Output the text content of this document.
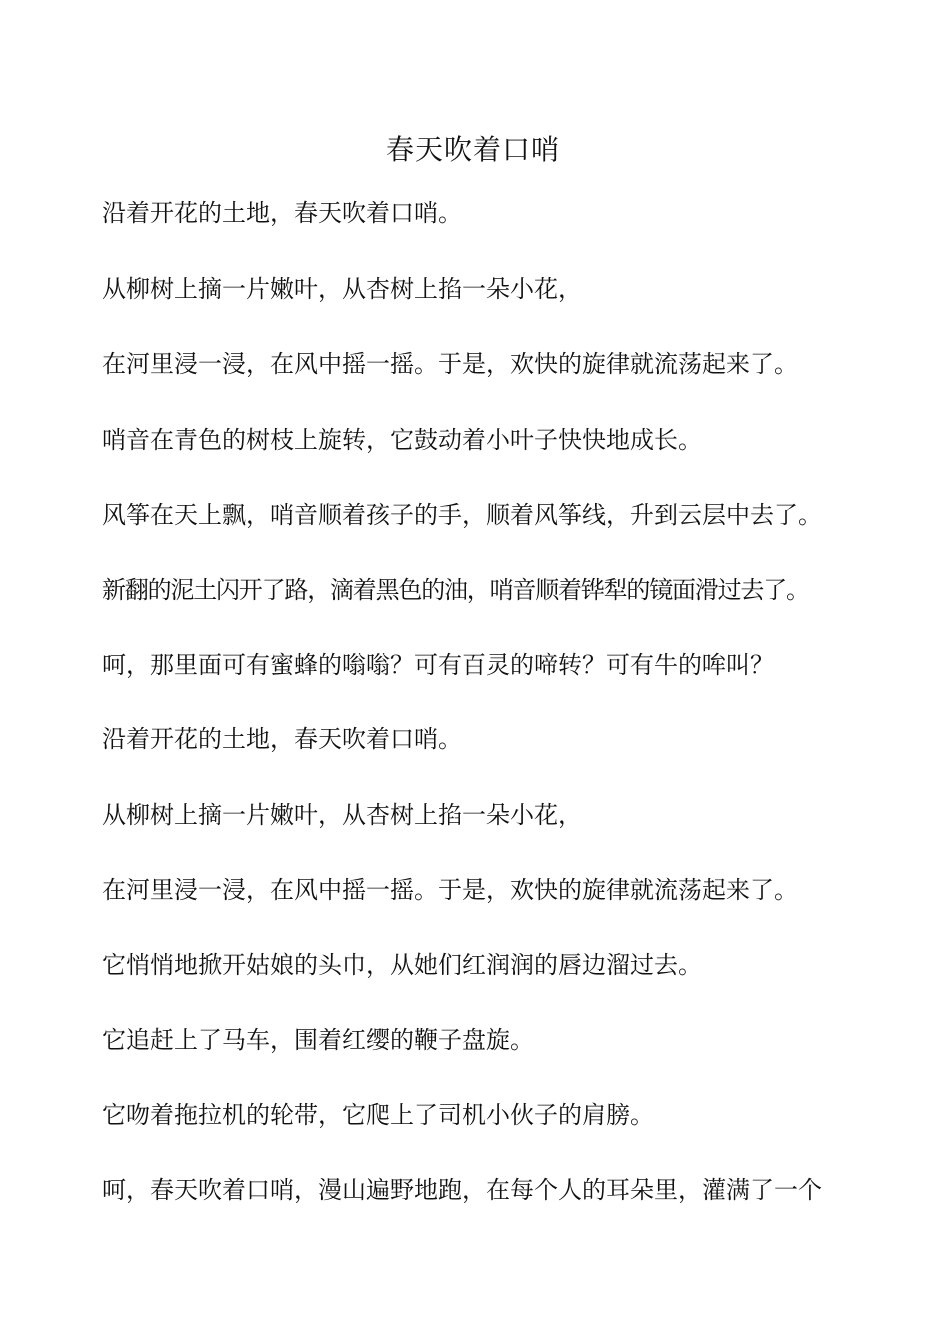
春天吹着口哨

沿着开花的土地，春天吹着口哨。

从柳树上摘一片嫩叶，从杏树上掐一朵小花，

在河里浸一浸，在风中摇一摇。于是，欢快的旋律就流荡起来了。

哨音在青色的树枝上旋转，它鼓动着小叶子快快地成长。

风筝在天上飘，哨音顺着孩子的手，顺着风筝线，升到云层中去了。

新翻的泥土闪开了路，滴着黑色的油，哨音顺着铧犁的镜面滑过去了。

呵，那里面可有蜜蜂的嗡嗡？可有百灵的啼转？可有牛的哞叫？

沿着开花的土地，春天吹着口哨。

从柳树上摘一片嫩叶，从杏树上掐一朵小花，

在河里浸一浸，在风中摇一摇。于是，欢快的旋律就流荡起来了。

它悄悄地掀开姑娘的头巾，从她们红润润的唇边溜过去。

它追赶上了马车，围着红缨的鞭子盘旋。

它吻着拖拉机的轮带，它爬上了司机小伙子的肩膀。

呵，春天吹着口哨，漫山遍野地跑，在每个人的耳朵里，灌满了一个
